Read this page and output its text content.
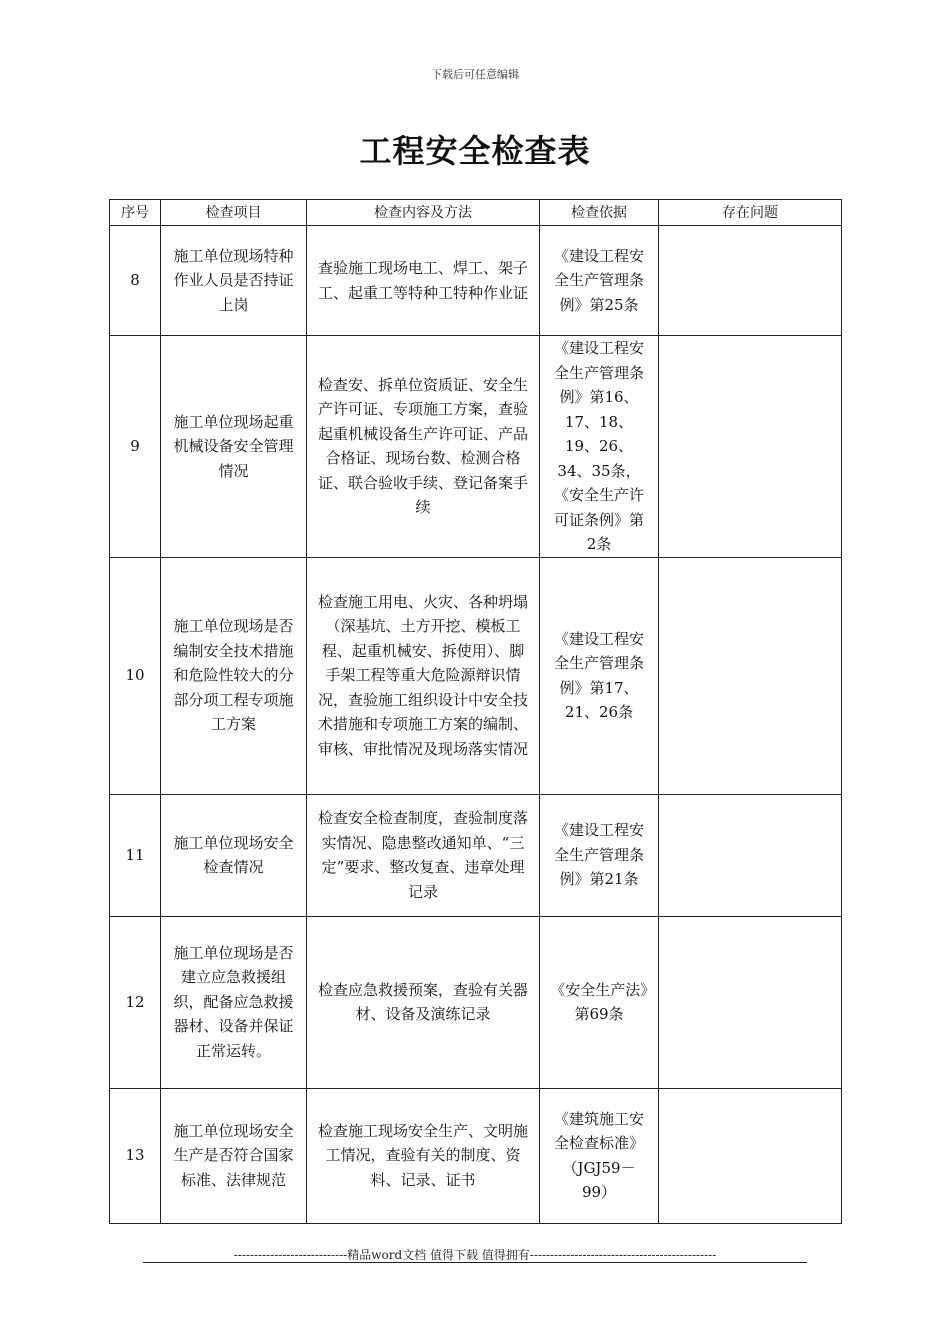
下载后可任意编辑
工程安全检查表
序号	检查项目	检查内容及方法	检查依据	存在问题
8	施工单位现场特种作业人员是否持证上岗	查验施工现场电工、焊工、架子工、起重工等特种工特种作业证	《建设工程安全生产管理条例》第25条	
9	施工单位现场起重机械设备安全管理情况	检查安、拆单位资质证、安全生产许可证、专项施工方案，查验起重机械设备生产许可证、产品合格证、现场台数、检测合格证、联合验收手续、登记备案手续	《建设工程安全生产管理条例》第16、17、18、19、26、34、35条，《安全生产许可证条例》第2条	
10	施工单位现场是否编制安全技术措施和危险性较大的分部分项工程专项施工方案	检查施工用电、火灾、各种坍塌（深基坑、土方开挖、模板工程、起重机械安、拆使用）、脚手架工程等重大危险源辩识情况，查验施工组织设计中安全技术措施和专项施工方案的编制、审核、审批情况及现场落实情况	《建设工程安全生产管理条例》第17、21、26条	
11	施工单位现场安全检查情况	检查安全检查制度，查验制度落实情况、隐患整改通知单、“三定”要求、整改复查、违章处理记录	《建设工程安全生产管理条例》第21条	
12	施工单位现场是否建立应急救援组织，配备应急救援器材、设备并保证正常运转。	检查应急救援预案，查验有关器材、设备及演练记录	《安全生产法》第69条	
13	施工单位现场安全生产是否符合国家标准、法律规范	检查施工现场安全生产、文明施工情况，查验有关的制度、资料、记录、证书	《建筑施工安全检查标准》（JGJ59－99）	
----------------------------精品word文档 值得下载 值得拥有----------------------------------------------
